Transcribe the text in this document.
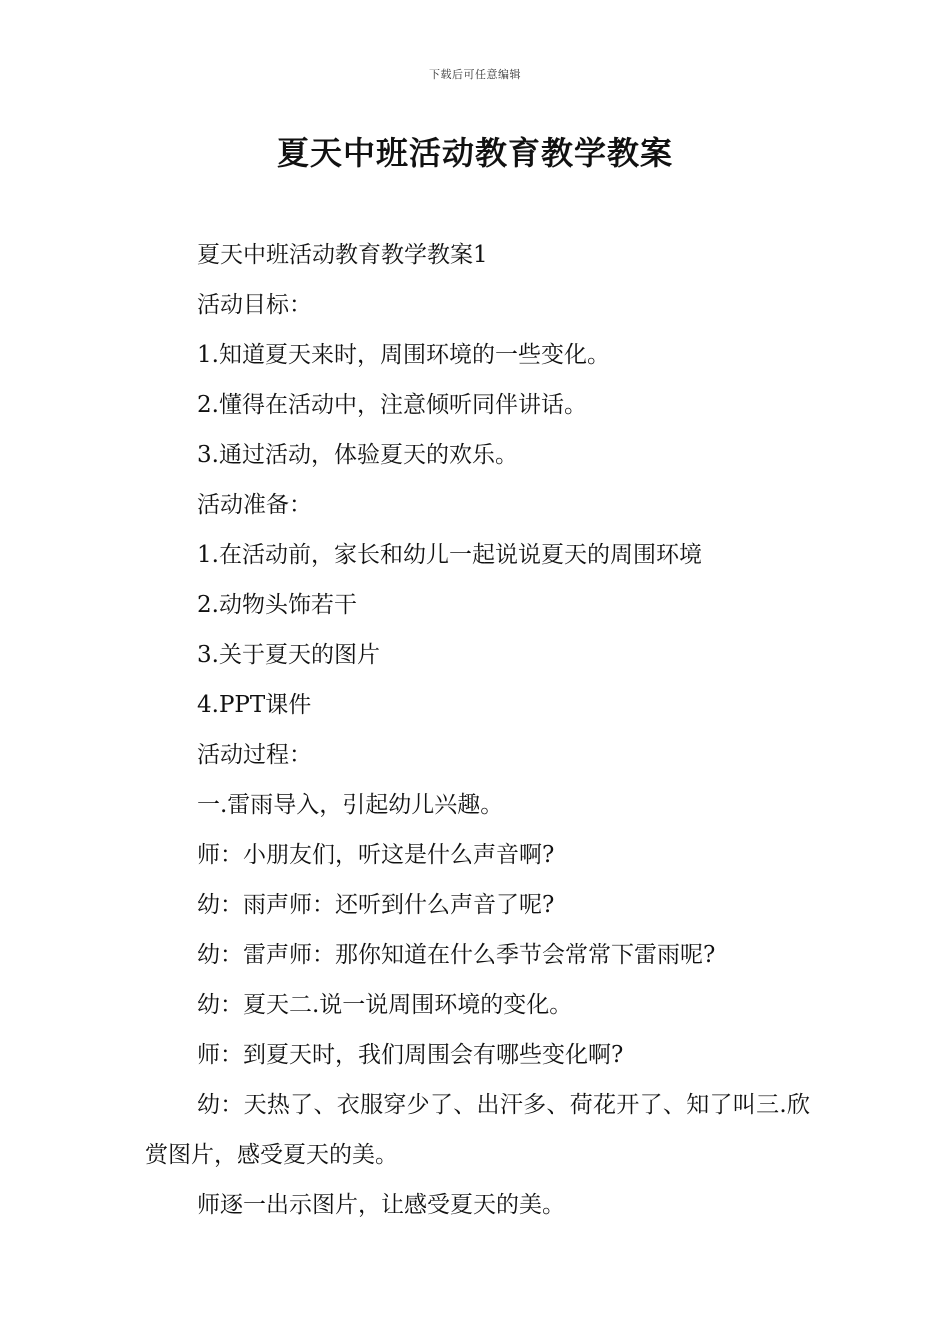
下载后可任意编辑
夏天中班活动教育教学教案

夏天中班活动教育教学教案1

活动目标：

1.知道夏天来时，周围环境的一些变化。

2.懂得在活动中，注意倾听同伴讲话。

3.通过活动，体验夏天的欢乐。

活动准备：

1.在活动前，家长和幼儿一起说说夏天的周围环境

2.动物头饰若干

3.关于夏天的图片

4.PPT课件

活动过程：

一.雷雨导入，引起幼儿兴趣。

师：小朋友们，听这是什么声音啊?

幼：雨声师：还听到什么声音了呢?

幼：雷声师：那你知道在什么季节会常常下雷雨呢?

幼：夏天二.说一说周围环境的变化。

师：到夏天时，我们周围会有哪些变化啊?

幼：天热了、衣服穿少了、出汗多、荷花开了、知了叫三.欣赏图片，感受夏天的美。

师逐一出示图片，让感受夏天的美。
